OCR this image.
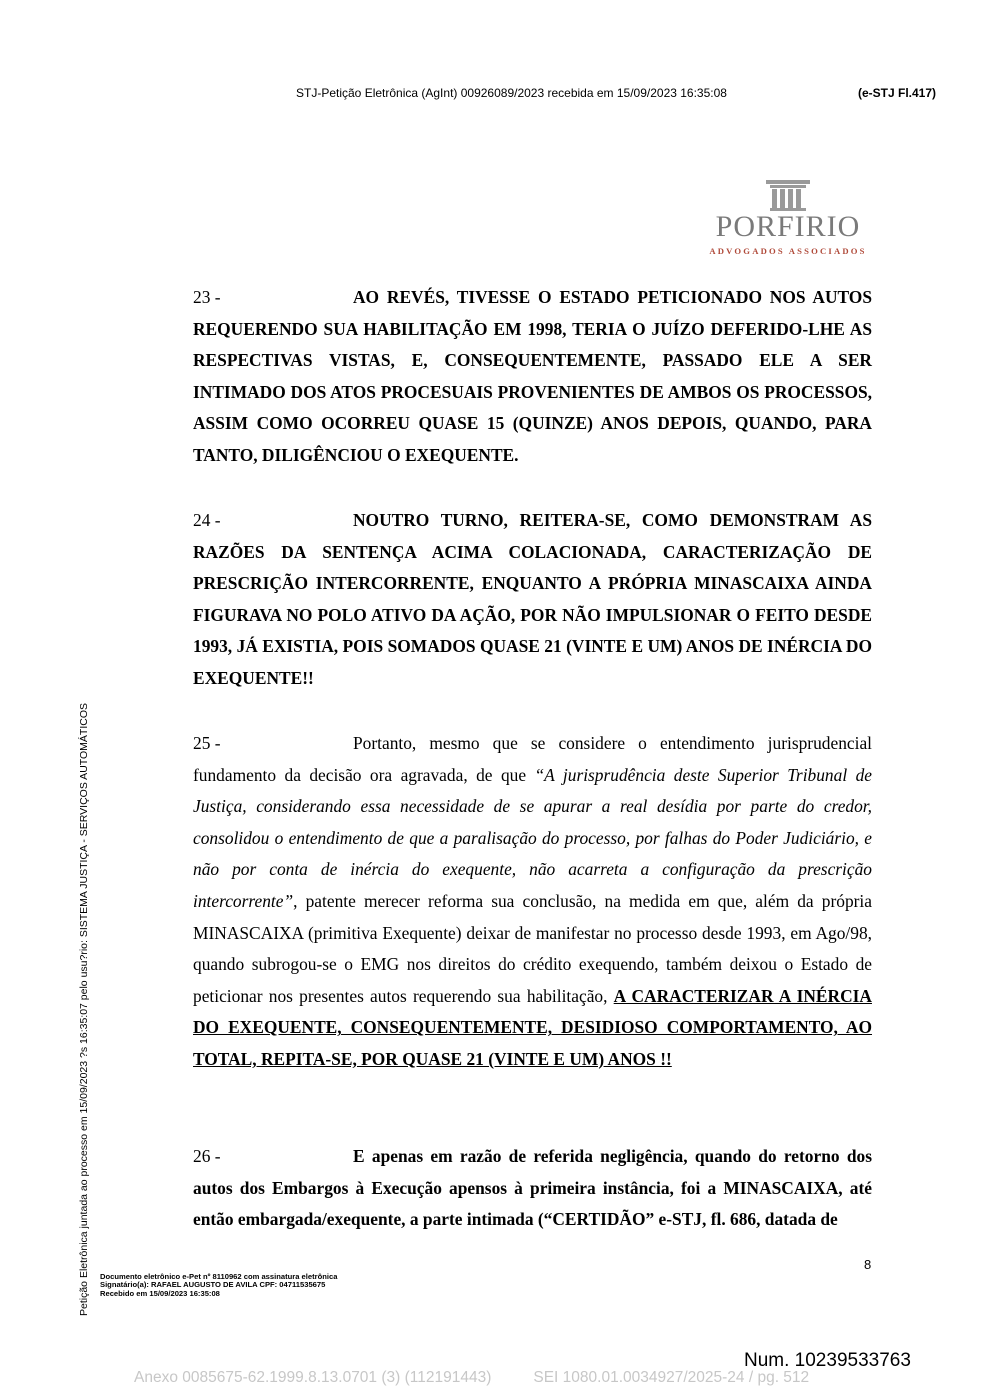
STJ-Petição Eletrônica (AgInt) 00926089/2023 recebida em 15/09/2023 16:35:08	(e-STJ Fl.417)
PORFIRIO
ADVOGADOS ASSOCIADOS
23 -	AO REVÉS, TIVESSE O ESTADO PETICIONADO NOS AUTOS REQUERENDO SUA HABILITAÇÃO EM 1998, TERIA O JUÍZO DEFERIDO-LHE AS RESPECTIVAS VISTAS, E, CONSEQUENTEMENTE, PASSADO ELE A SER INTIMADO DOS ATOS PROCESUAIS PROVENIENTES DE AMBOS OS PROCESSOS, ASSIM COMO OCORREU QUASE 15 (QUINZE) ANOS DEPOIS, QUANDO, PARA TANTO, DILIGÊNCIOU O EXEQUENTE.
24 -	NOUTRO TURNO, REITERA-SE, COMO DEMONSTRAM AS RAZÕES DA SENTENÇA ACIMA COLACIONADA, CARACTERIZAÇÃO DE PRESCRIÇÃO INTERCORRENTE, ENQUANTO A PRÓPRIA MINASCAIXA AINDA FIGURAVA NO POLO ATIVO DA AÇÃO, POR NÃO IMPULSIONAR O FEITO DESDE 1993, JÁ EXISTIA, POIS SOMADOS QUASE 21 (VINTE E UM) ANOS DE INÉRCIA DO EXEQUENTE!!
25 -	Portanto, mesmo que se considere o entendimento jurisprudencial fundamento da decisão ora agravada, de que “A jurisprudência deste Superior Tribunal de Justiça, considerando essa necessidade de se apurar a real desídia por parte do credor, consolidou o entendimento de que a paralisação do processo, por falhas do Poder Judiciário, e não por conta de inércia do exequente, não acarreta a configuração da prescrição intercorrente”, patente merecer reforma sua conclusão, na medida em que, além da própria MINASCAIXA (primitiva Exequente) deixar de manifestar no processo desde 1993, em Ago/98, quando subrogou-se o EMG nos direitos do crédito exequendo, também deixou o Estado de peticionar nos presentes autos requerendo sua habilitação, A CARACTERIZAR A INÉRCIA DO EXEQUENTE, CONSEQUENTEMENTE, DESIDIOSO COMPORTAMENTO, AO TOTAL, REPITA-SE, POR QUASE 21 (VINTE E UM) ANOS !!
26 -	E apenas em razão de referida negligência, quando do retorno dos autos dos Embargos à Execução apensos à primeira instância, foi a MINASCAIXA, até então embargada/exequente, a parte intimada (“CERTIDÃO” e-STJ, fl. 686, datada de
8
Documento eletrônico e-Pet nº 8110962 com assinatura eletrônica
Signatário(a): RAFAEL AUGUSTO DE AVILA CPF: 04711535675
Recebido em 15/09/2023 16:35:08
Petição Eletrônica juntada ao processo em 15/09/2023 ?s 16:35:07 pelo usu?rio: SISTEMA JUSTIÇA - SERVIÇOS AUTOMÁTICOS
Num. 10239533763
Anexo 0085675-62.1999.8.13.0701 (3) (112191443)	SEI 1080.01.0034927/2025-24 / pg. 512
